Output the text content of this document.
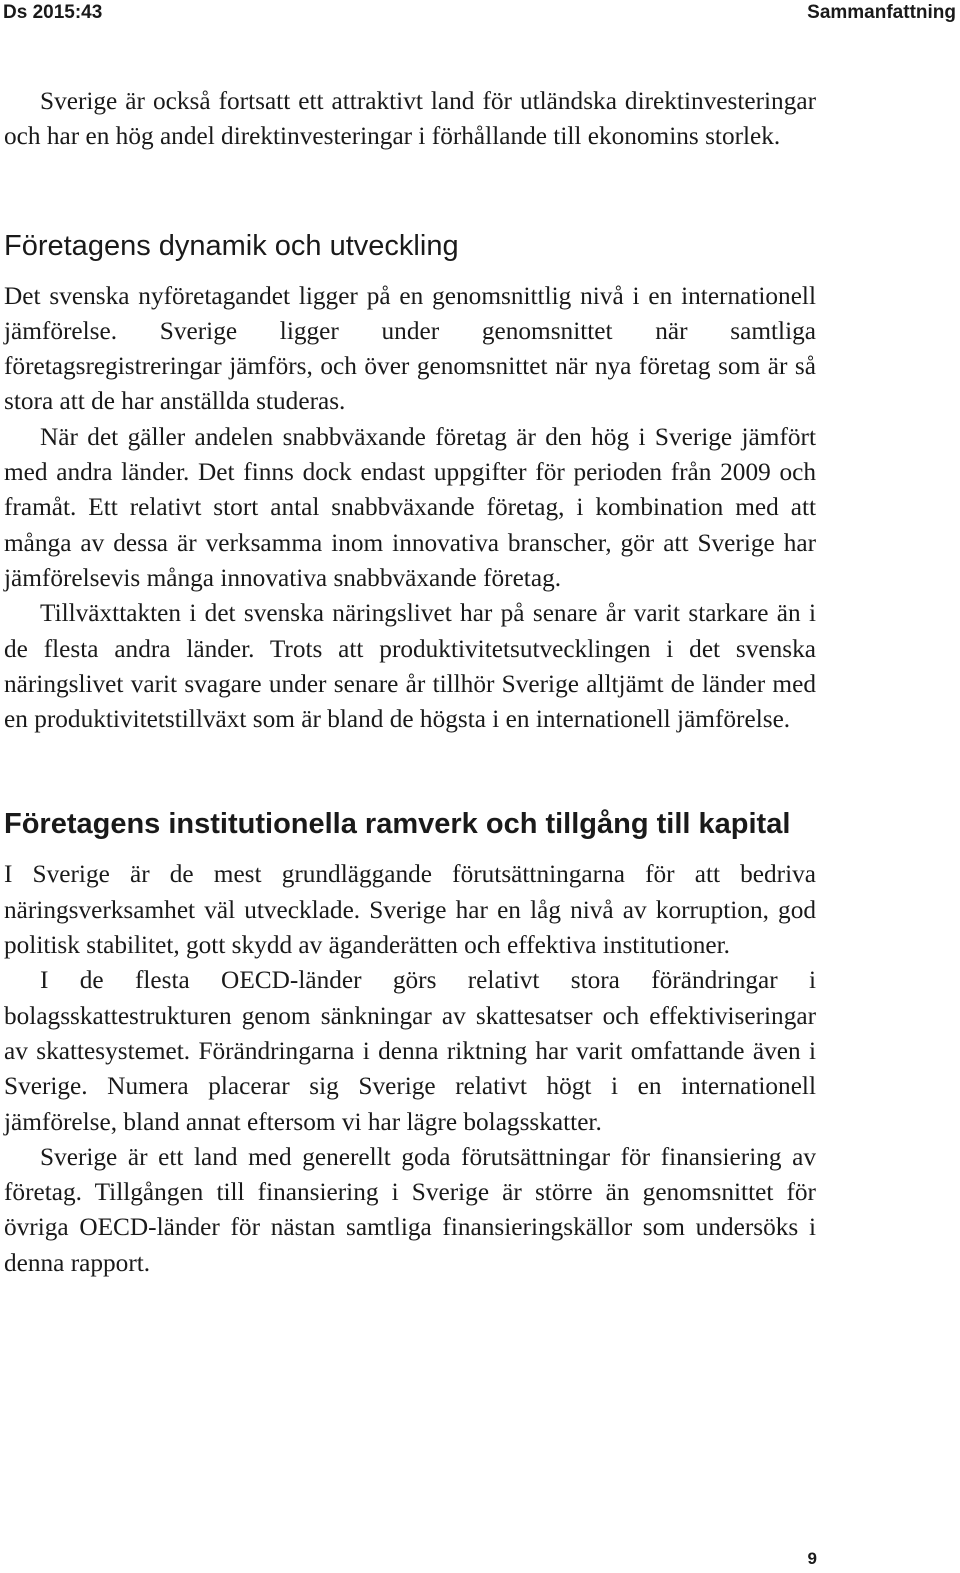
Ds 2015:43	Sammanfattning

Sverige är också fortsatt ett attraktivt land för utländska direktinvesteringar och har en hög andel direktinvesteringar i förhållande till ekonomins storlek.

Företagens dynamik och utveckling

Det svenska nyföretagandet ligger på en genomsnittlig nivå i en internationell jämförelse. Sverige ligger under genomsnittet när samtliga företagsregistreringar jämförs, och över genomsnittet när nya företag som är så stora att de har anställda studeras.

När det gäller andelen snabbväxande företag är den hög i Sverige jämfört med andra länder. Det finns dock endast uppgifter för perioden från 2009 och framåt. Ett relativt stort antal snabbväxande företag, i kombination med att många av dessa är verksamma inom innovativa branscher, gör att Sverige har jämförelsevis många innovativa snabbväxande företag.

Tillväxttakten i det svenska näringslivet har på senare år varit starkare än i de flesta andra länder. Trots att produktivitetsutvecklingen i det svenska näringslivet varit svagare under senare år tillhör Sverige alltjämt de länder med en produktivitetstillväxt som är bland de högsta i en internationell jämförelse.

Företagens institutionella ramverk och tillgång till kapital

I Sverige är de mest grundläggande förutsättningarna för att bedriva näringsverksamhet väl utvecklade. Sverige har en låg nivå av korruption, god politisk stabilitet, gott skydd av äganderätten och effektiva institutioner.

I de flesta OECD-länder görs relativt stora förändringar i bolagsskattestrukturen genom sänkningar av skattesatser och effektiviseringar av skattesystemet. Förändringarna i denna riktning har varit omfattande även i Sverige. Numera placerar sig Sverige relativt högt i en internationell jämförelse, bland annat eftersom vi har lägre bolagsskatter.

Sverige är ett land med generellt goda förutsättningar för finansiering av företag. Tillgången till finansiering i Sverige är större än genomsnittet för övriga OECD-länder för nästan samtliga finansieringskällor som undersöks i denna rapport.

9
